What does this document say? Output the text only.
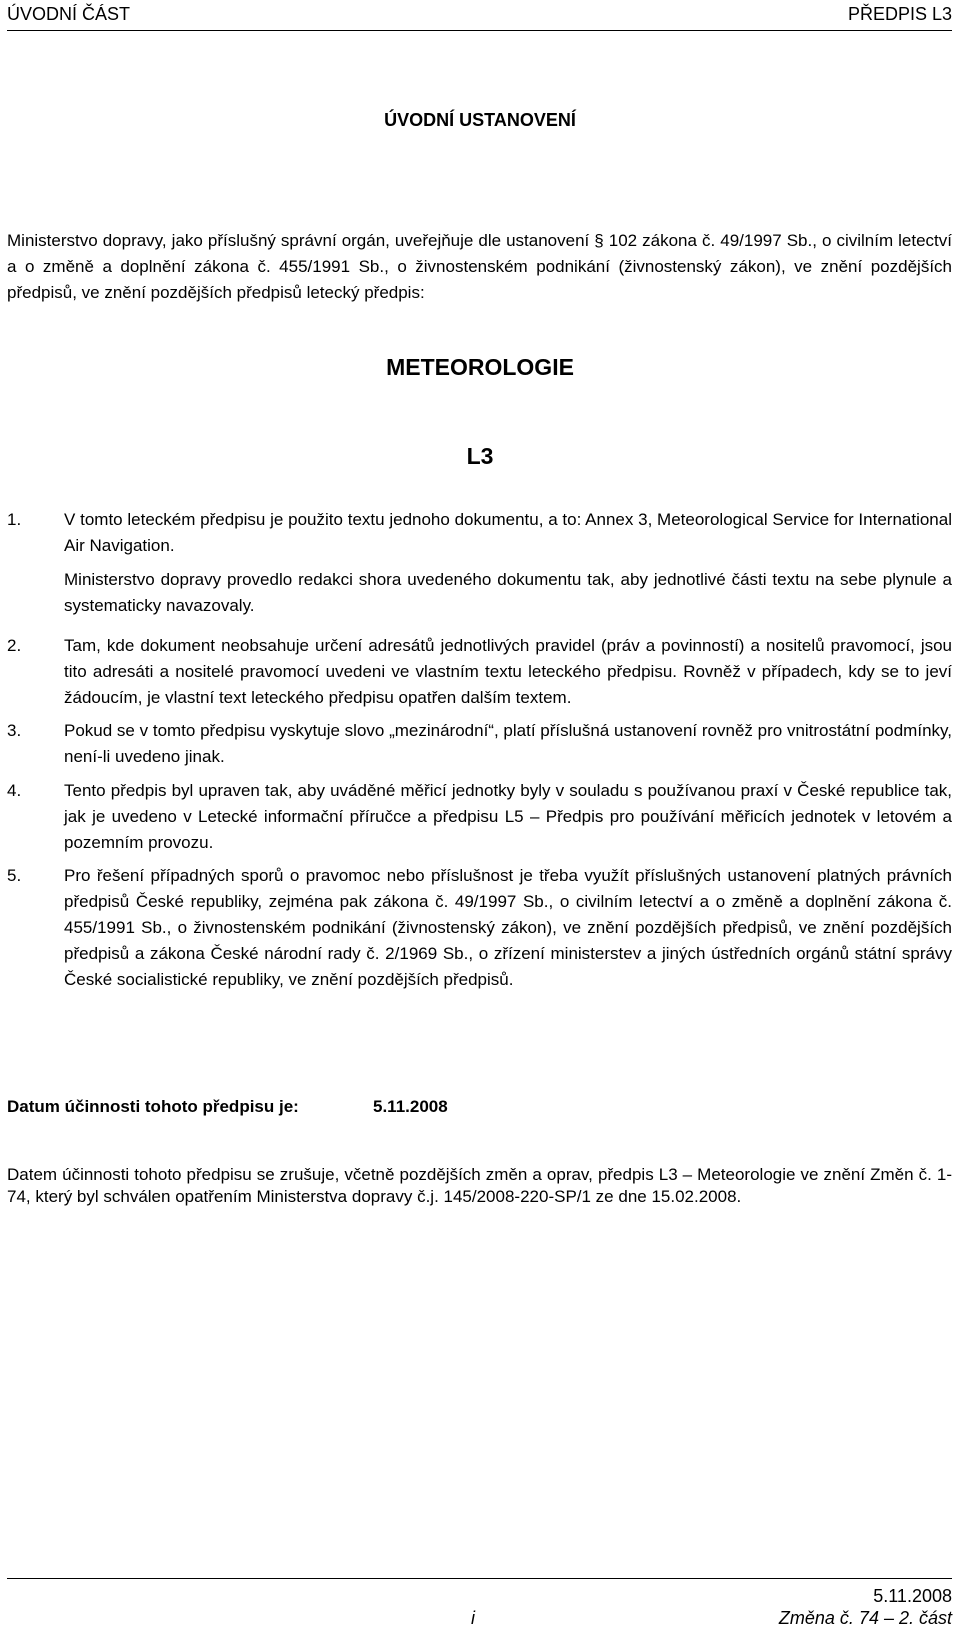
ÚVODNÍ ČÁST	PŘEDPIS L3
ÚVODNÍ USTANOVENÍ
Ministerstvo dopravy, jako příslušný správní orgán, uveřejňuje dle ustanovení § 102 zákona č. 49/1997 Sb., o civilním letectví a o změně a doplnění zákona č. 455/1991 Sb., o živnostenském podnikání (živnostenský zákon), ve znění pozdějších předpisů, ve znění pozdějších předpisů letecký předpis:
METEOROLOGIE
L3
1.	V tomto leteckém předpisu je použito textu jednoho dokumentu, a to: Annex 3, Meteorological Service for International Air Navigation.
Ministerstvo dopravy provedlo redakci shora uvedeného dokumentu tak, aby jednotlivé části textu na sebe plynule a systematicky navazovaly.
2.	Tam, kde dokument neobsahuje určení adresátů jednotlivých pravidel (práv a povinností) a nositelů pravomocí, jsou tito adresáti a nositelé pravomocí uvedeni ve vlastním textu leteckého předpisu. Rovněž v případech, kdy se to jeví žádoucím, je vlastní text leteckého předpisu opatřen dalším textem.
3.	Pokud se v tomto předpisu vyskytuje slovo „mezinárodní“, platí příslušná ustanovení rovněž pro vnitrostátní podmínky, není-li uvedeno jinak.
4.	Tento předpis byl upraven tak, aby uváděné měřicí jednotky byly v souladu s používanou praxí v České republice tak, jak je uvedeno v Letecké informační příručce a předpisu L5 – Předpis pro používání měřicích jednotek v letovém a pozemním provozu.
5.	Pro řešení případných sporů o pravomoc nebo příslušnost je třeba využít příslušných ustanovení platných právních předpisů České republiky, zejména pak zákona č. 49/1997 Sb., o civilním letectví a o změně a doplnění zákona č. 455/1991 Sb., o živnostenském podnikání (živnostenský zákon), ve znění pozdějších předpisů, ve znění pozdějších předpisů a zákona České národní rady č. 2/1969 Sb., o zřízení ministerstev a jiných ústředních orgánů státní správy České socialistické republiky, ve znění pozdějších předpisů.
Datum účinnosti tohoto předpisu je:	5.11.2008
Datem účinnosti tohoto předpisu se zrušuje, včetně pozdějších změn a oprav, předpis L3 – Meteorologie ve znění Změn č. 1-74, který byl schválen opatřením Ministerstva dopravy č.j. 145/2008-220-SP/1 ze dne 15.02.2008.
5.11.2008
i	Změna č. 74 – 2. část
